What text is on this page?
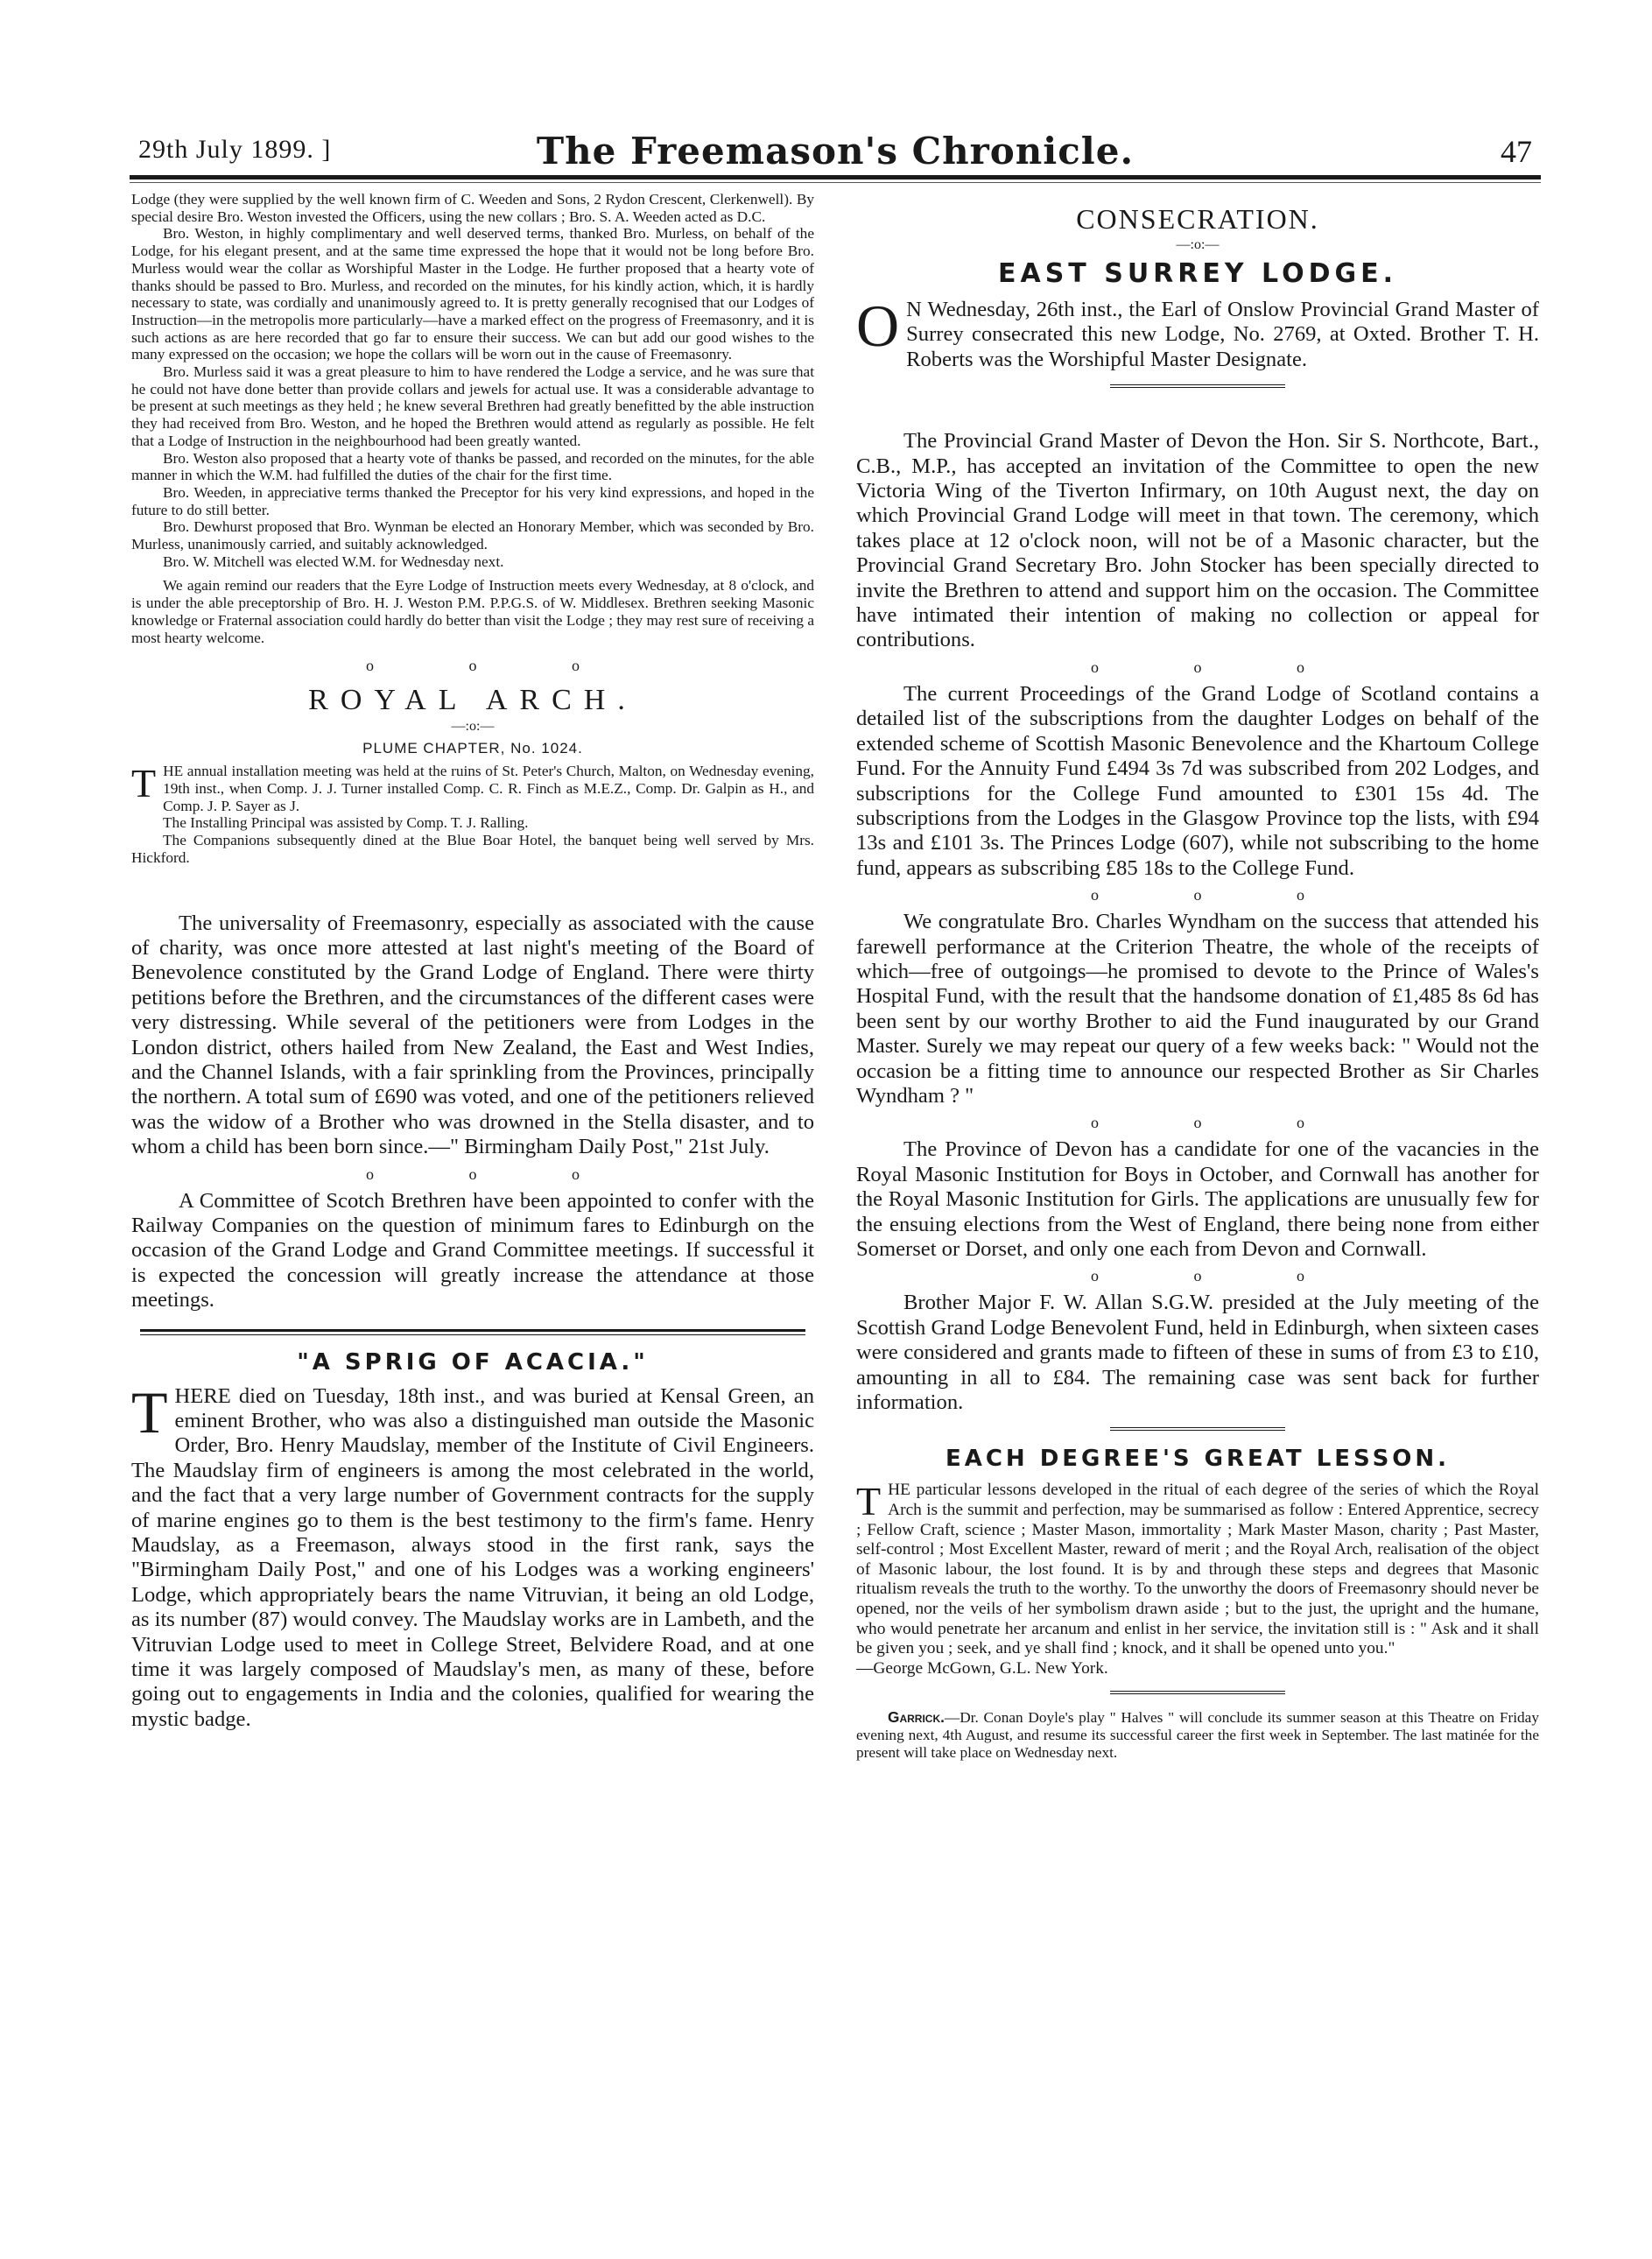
29th July 1899. ]	The Freemason's Chronicle.	47

Lodge (they were supplied by the well known firm of C. Weeden and Sons, 2 Rydon Crescent, Clerkenwell). By special desire Bro. Weston invested the Officers, using the new collars ; Bro. S. A. Weeden acted as D.C.

Bro. Weston, in highly complimentary and well deserved terms, thanked Bro. Murless, on behalf of the Lodge, for his elegant present, and at the same time expressed the hope that it would not be long before Bro. Murless would wear the collar as Worshipful Master in the Lodge. He further proposed that a hearty vote of thanks should be passed to Bro. Murless, and recorded on the minutes, for his kindly action, which, it is hardly necessary to state, was cordially and unanimously agreed to. It is pretty generally recognised that our Lodges of Instruction—in the metropolis more particularly—have a marked effect on the progress of Freemasonry, and it is such actions as are here recorded that go far to ensure their success. We can but add our good wishes to the many expressed on the occasion; we hope the collars will be worn out in the cause of Freemasonry.

Bro. Murless said it was a great pleasure to him to have rendered the Lodge a service, and he was sure that he could not have done better than provide collars and jewels for actual use. It was a considerable advantage to be present at such meetings as they held ; he knew several Brethren had greatly benefitted by the able instruction they had received from Bro. Weston, and he hoped the Brethren would attend as regularly as possible. He felt that a Lodge of Instruction in the neighbourhood had been greatly wanted.

Bro. Weston also proposed that a hearty vote of thanks be passed, and recorded on the minutes, for the able manner in which the W.M. had fulfilled the duties of the chair for the first time.

Bro. Weeden, in appreciative terms thanked the Preceptor for his very kind expressions, and hoped in the future to do still better.

Bro. Dewhurst proposed that Bro. Wynman be elected an Honorary Member, which was seconded by Bro. Murless, unanimously carried, and suitably acknowledged.

Bro. W. Mitchell was elected W.M. for Wednesday next.

We again remind our readers that the Eyre Lodge of Instruction meets every Wednesday, at 8 o'clock, and is under the able preceptorship of Bro. H. J. Weston P.M. P.P.G.S. of W. Middlesex. Brethren seeking Masonic knowledge or Fraternal association could hardly do better than visit the Lodge ; they may rest sure of receiving a most hearty welcome.

o o o
ROYAL ARCH.
—:o:—
PLUME CHAPTER, No. 1024.

THE annual installation meeting was held at the ruins of St. Peter's Church, Malton, on Wednesday evening, 19th inst., when Comp. J. J. Turner installed Comp. C. R. Finch as M.E.Z., Comp. Dr. Galpin as H., and Comp. J. P. Sayer as J.

The Installing Principal was assisted by Comp. T. J. Ralling.

The Companions subsequently dined at the Blue Boar Hotel, the banquet being well served by Mrs. Hickford.

The universality of Freemasonry, especially as associated with the cause of charity, was once more attested at last night's meeting of the Board of Benevolence constituted by the Grand Lodge of England. There were thirty petitions before the Brethren, and the circumstances of the different cases were very distressing. While several of the petitioners were from Lodges in the London district, others hailed from New Zealand, the East and West Indies, and the Channel Islands, with a fair sprinkling from the Provinces, principally the northern. A total sum of £690 was voted, and one of the petitioners relieved was the widow of a Brother who was drowned in the Stella disaster, and to whom a child has been born since.—" Birmingham Daily Post," 21st July.

o o o

A Committee of Scotch Brethren have been appointed to confer with the Railway Companies on the question of minimum fares to Edinburgh on the occasion of the Grand Lodge and Grand Committee meetings. If successful it is expected the concession will greatly increase the attendance at those meetings.

"A SPRIG OF ACACIA."

THERE died on Tuesday, 18th inst., and was buried at Kensal Green, an eminent Brother, who was also a distinguished man outside the Masonic Order, Bro. Henry Maudslay, member of the Institute of Civil Engineers. The Maudslay firm of engineers is among the most celebrated in the world, and the fact that a very large number of Government contracts for the supply of marine engines go to them is the best testimony to the firm's fame. Henry Maudslay, as a Freemason, always stood in the first rank, says the "Birmingham Daily Post," and one of his Lodges was a working engineers' Lodge, which appropriately bears the name Vitruvian, it being an old Lodge, as its number (87) would convey. The Maudslay works are in Lambeth, and the Vitruvian Lodge used to meet in College Street, Belvidere Road, and at one time it was largely composed of Maudslay's men, as many of these, before going out to engagements in India and the colonies, qualified for wearing the mystic badge.

CONSECRATION.
—:o:—
EAST SURREY LODGE.

O N Wednesday, 26th inst., the Earl of Onslow Provincial Grand Master of Surrey consecrated this new Lodge, No. 2769, at Oxted. Brother T. H. Roberts was the Worshipful Master Designate.

The Provincial Grand Master of Devon the Hon. Sir S. Northcote, Bart., C.B., M.P., has accepted an invitation of the Committee to open the new Victoria Wing of the Tiverton Infirmary, on 10th August next, the day on which Provincial Grand Lodge will meet in that town. The ceremony, which takes place at 12 o'clock noon, will not be of a Masonic character, but the Provincial Grand Secretary Bro. John Stocker has been specially directed to invite the Brethren to attend and support him on the occasion. The Committee have intimated their intention of making no collection or appeal for contributions.

o o o

The current Proceedings of the Grand Lodge of Scotland contains a detailed list of the subscriptions from the daughter Lodges on behalf of the extended scheme of Scottish Masonic Benevolence and the Khartoum College Fund. For the Annuity Fund £494 3s 7d was subscribed from 202 Lodges, and subscriptions for the College Fund amounted to £301 15s 4d. The subscriptions from the Lodges in the Glasgow Province top the lists, with £94 13s and £101 3s. The Princes Lodge (607), while not subscribing to the home fund, appears as subscribing £85 18s to the College Fund.

o o o

We congratulate Bro. Charles Wyndham on the success that attended his farewell performance at the Criterion Theatre, the whole of the receipts of which—free of outgoings—he promised to devote to the Prince of Wales's Hospital Fund, with the result that the handsome donation of £1,485 8s 6d has been sent by our worthy Brother to aid the Fund inaugurated by our Grand Master. Surely we may repeat our query of a few weeks back: " Would not the occasion be a fitting time to announce our respected Brother as Sir Charles Wyndham ? "

o o o

The Province of Devon has a candidate for one of the vacancies in the Royal Masonic Institution for Boys in October, and Cornwall has another for the Royal Masonic Institution for Girls. The applications are unusually few for the ensuing elections from the West of England, there being none from either Somerset or Dorset, and only one each from Devon and Cornwall.

o o o

Brother Major F. W. Allan S.G.W. presided at the July meeting of the Scottish Grand Lodge Benevolent Fund, held in Edinburgh, when sixteen cases were considered and grants made to fifteen of these in sums of from £3 to £10, amounting in all to £84. The remaining case was sent back for further information.

EACH DEGREE'S GREAT LESSON.

THE particular lessons developed in the ritual of each degree of the series of which the Royal Arch is the summit and perfection, may be summarised as follow : Entered Apprentice, secrecy ; Fellow Craft, science ; Master Mason, immortality ; Mark Master Mason, charity ; Past Master, self-control ; Most Excellent Master, reward of merit ; and the Royal Arch, realisation of the object of Masonic labour, the lost found. It is by and through these steps and degrees that Masonic ritualism reveals the truth to the worthy. To the unworthy the doors of Freemasonry should never be opened, nor the veils of her symbolism drawn aside ; but to the just, the upright and the humane, who would penetrate her arcanum and enlist in her service, the invitation still is : " Ask and it shall be given you ; seek, and ye shall find ; knock, and it shall be opened unto you."

—George McGown, G.L. New York.

Garrick.—Dr. Conan Doyle's play " Halves " will conclude its summer season at this Theatre on Friday evening next, 4th August, and resume its successful career the first week in September. The last matinée for the present will take place on Wednesday next.
